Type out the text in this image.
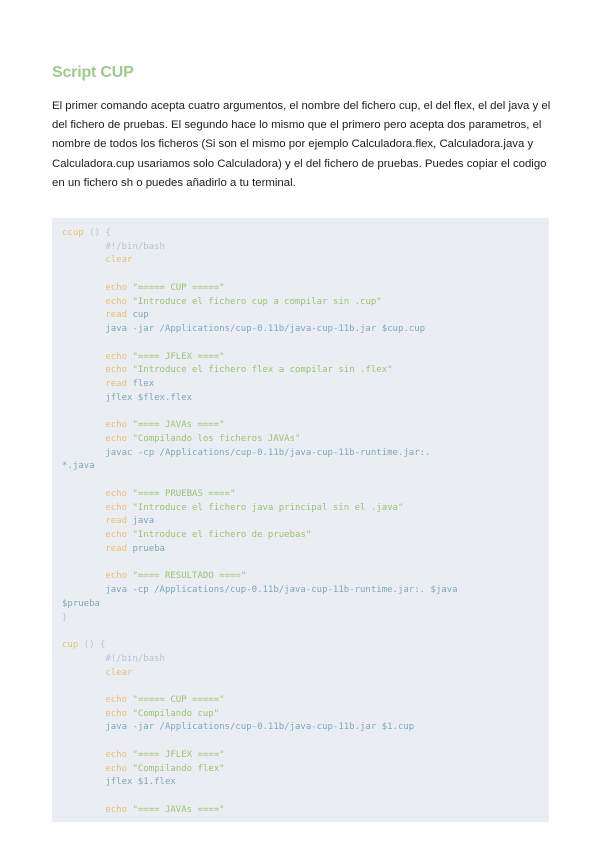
Script CUP

El primer comando acepta cuatro argumentos, el nombre del fichero cup, el del flex, el del java y el del fichero de pruebas. El segundo hace lo mismo que el primero pero acepta dos parametros, el nombre de todos los ficheros (Si son el mismo por ejemplo Calculadora.flex, Calculadora.java y Calculadora.cup usariamos solo Calculadora) y el del fichero de pruebas. Puedes copiar el codigo en un fichero sh o puedes añadirlo a tu terminal.

ccup () {
#!/bin/bash
clear

echo "===== CUP ====="
echo "Introduce el fichero cup a compilar sin .cup"
read cup
java -jar /Applications/cup-0.11b/java-cup-11b.jar $cup.cup

echo "==== JFLEX ===="
echo "Introduce el fichero flex a compilar sin .flex"
read flex
jflex $flex.flex

echo "==== JAVAs ===="
echo "Compilando los ficheros JAVAs"
javac -cp /Applications/cup-0.11b/java-cup-11b-runtime.jar:.
*.java

echo "==== PRUEBAS ===="
echo "Introduce el fichero java principal sin el .java"
read java
echo "Introduce el fichero de pruebas"
read prueba

echo "==== RESULTADO ===="
java -cp /Applications/cup-0.11b/java-cup-11b-runtime.jar:. $java
$prueba
}

cup () {
#!/bin/bash
clear

echo "===== CUP ====="
echo "Compilando cup"
java -jar /Applications/cup-0.11b/java-cup-11b.jar $1.cup

echo "==== JFLEX ===="
echo "Compilando flex"
jflex $1.flex

echo "==== JAVAs ===="
